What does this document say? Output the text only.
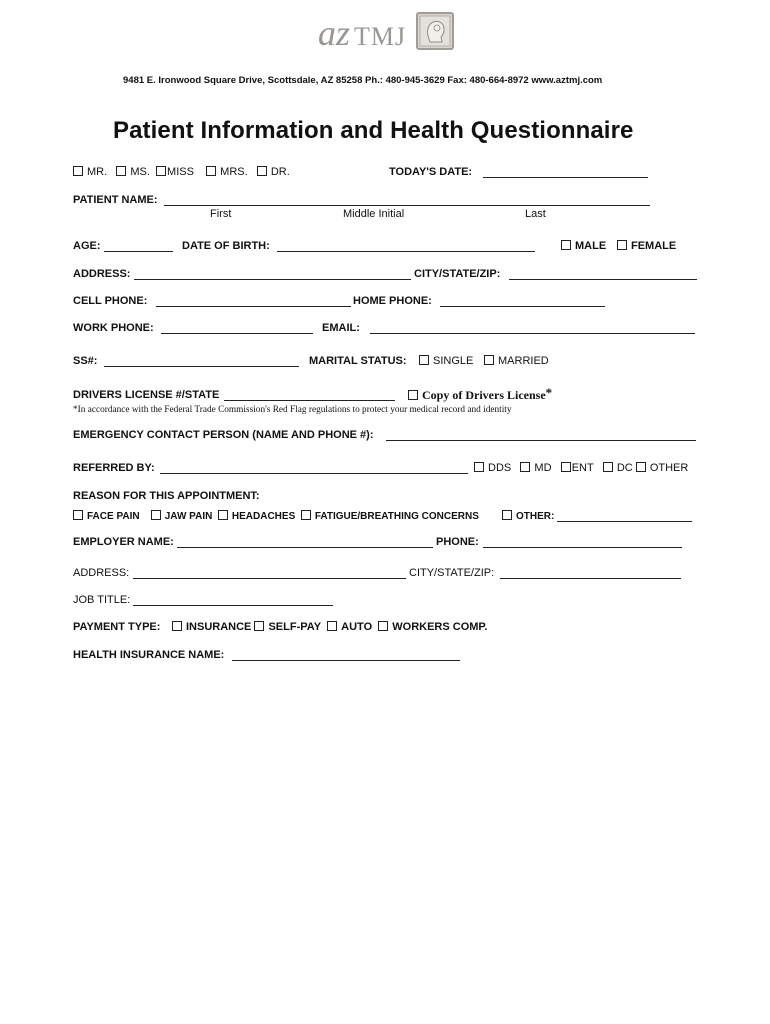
az TMJ
9481 E. Ironwood Square Drive, Scottsdale, AZ 85258 Ph.: 480-945-3629 Fax: 480-664-8972 www.aztmj.com
Patient Information and Health Questionnaire
MR. MS. MISS MRS. DR.	TODAY'S DATE:
PATIENT NAME:
First	Middle Initial	Last
AGE:	DATE OF BIRTH:	MALE	FEMALE
ADDRESS:	CITY/STATE/ZIP:
CELL PHONE:	HOME PHONE:
WORK PHONE:	EMAIL:
SS#:	MARITAL STATUS:	SINGLE	MARRIED
DRIVERS LICENSE #/STATE	Copy of Drivers License*
*In accordance with the Federal Trade Commission's Red Flag regulations to protect your medical record and identity
EMERGENCY CONTACT PERSON (NAME AND PHONE #):
REFERRED BY:	DDS MD ENT DC OTHER
REASON FOR THIS APPOINTMENT:
FACE PAIN	JAW PAIN HEADACHES FATIGUE/BREATHING CONCERNS	OTHER:
EMPLOYER NAME:	PHONE:
ADDRESS:	CITY/STATE/ZIP:
JOB TITLE:
PAYMENT TYPE:	INSURANCE SELF-PAY AUTO WORKERS COMP.
HEALTH INSURANCE NAME:
